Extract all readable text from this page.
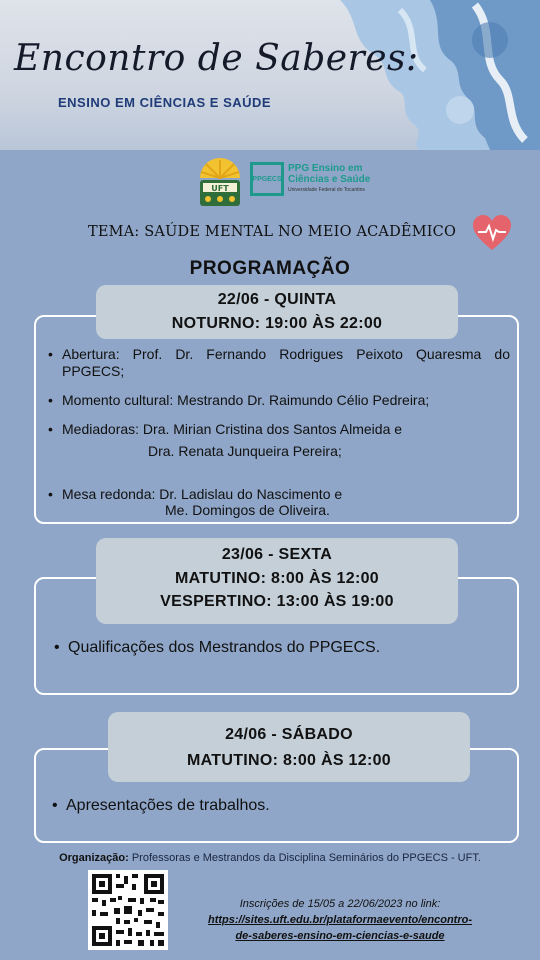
Encontro de Saberes:
ENSINO EM CIÊNCIAS E SAÚDE
UFT
PPGECS
PPG Ensino em
Ciências e Saúde
Universidade Federal do Tocantins
TEMA: SAÚDE MENTAL NO MEIO ACADÊMICO
PROGRAMAÇÃO
22/06 - QUINTA
NOTURNO: 19:00 ÀS 22:00
• Abertura: Prof. Dr. Fernando Rodrigues Peixoto Quaresma do PPGECS;
• Momento cultural: Mestrando Dr. Raimundo Célio Pedreira;
• Mediadoras: Dra. Mirian Cristina dos Santos Almeida e
Dra. Renata Junqueira Pereira;
• Mesa redonda: Dr. Ladislau do Nascimento e
Me. Domingos de Oliveira.
23/06 - SEXTA
MATUTINO: 8:00 ÀS 12:00
VESPERTINO: 13:00 ÀS 19:00
• Qualificações dos Mestrandos do PPGECS.
24/06 - SÁBADO
MATUTINO: 8:00 ÀS 12:00
• Apresentações de trabalhos.
Organização: Professoras e Mestrandos da Disciplina Seminários do PPGECS - UFT.
Inscrições de 15/05 a 22/06/2023 no link:
https://sites.uft.edu.br/plataformaevento/encontro-
de-saberes-ensino-em-ciencias-e-saude
